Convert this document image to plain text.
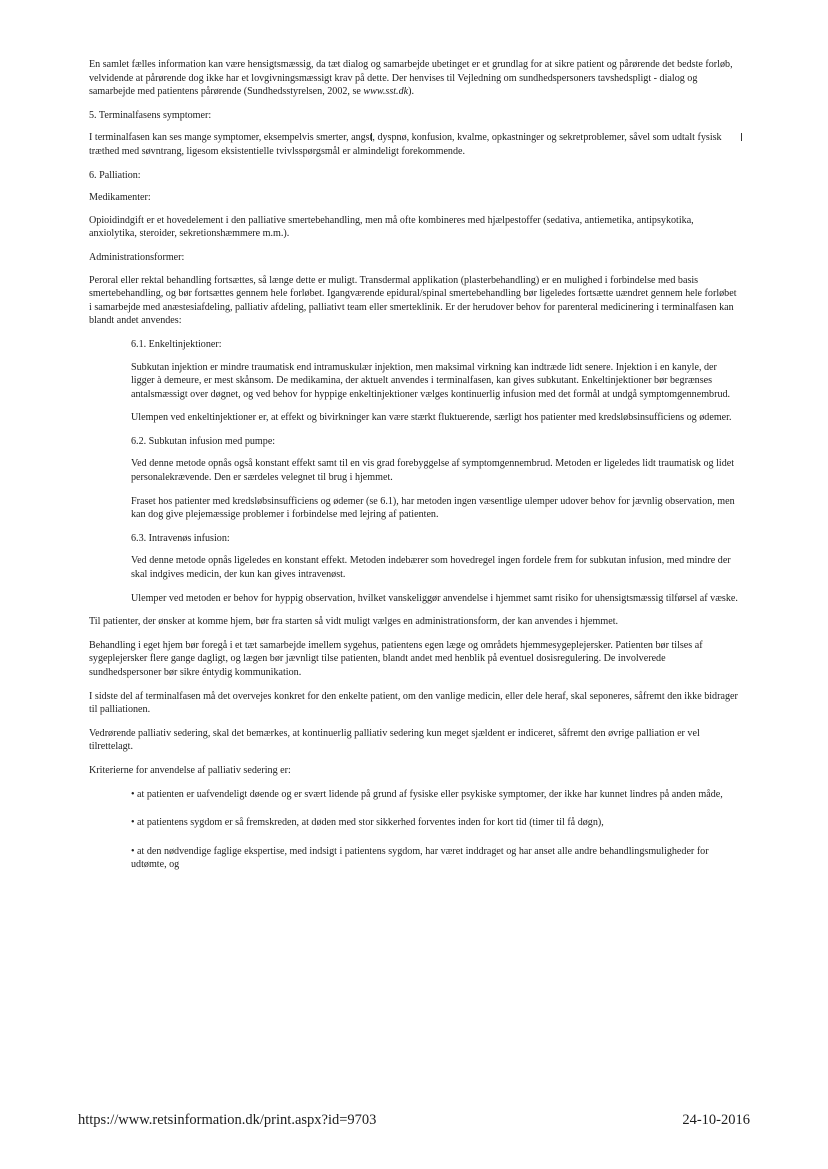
En samlet fælles information kan være hensigtsmæssig, da tæt dialog og samarbejde ubetinget er et grundlag for at sikre patient og pårørende det bedste forløb, velvidende at pårørende dog ikke har et lovgivningsmæssigt krav på dette. Der henvises til Vejledning om sundhedspersoners tavshedspligt - dialog og samarbejde med patientens pårørende (Sundhedsstyrelsen, 2002, se www.sst.dk).

5. Terminalfasens symptomer:

I terminalfasen kan ses mange symptomer, eksempelvis smerter, angst, dyspnø, konfusion, kvalme, opkastninger og sekretproblemer, såvel som udtalt fysisk træthed med søvntrang, ligesom eksistentielle tvivlsspørgsmål er almindeligt forekommende.

6. Palliation:

Medikamenter:

Opioidindgift er et hovedelement i den palliative smertebehandling, men må ofte kombineres med hjælpestoffer (sedativa, antiemetika, antipsykotika, anxiolytika, steroider, sekretionshæmmere m.m.).

Administrationsformer:

Peroral eller rektal behandling fortsættes, så længe dette er muligt. Transdermal applikation (plasterbehandling) er en mulighed i forbindelse med basis smertebehandling, og bør fortsættes gennem hele forløbet. Igangværende epidural/spinal smertebehandling bør ligeledes fortsætte uændret gennem hele forløbet i samarbejde med anæstesiafdeling, palliativ afdeling, palliativt team eller smerteklinik. Er der herudover behov for parenteral medicinering i terminalfasen kan blandt andet anvendes:

6.1. Enkeltinjektioner:

Subkutan injektion er mindre traumatisk end intramuskulær injektion, men maksimal virkning kan indtræde lidt senere. Injektion i en kanyle, der ligger à demeure, er mest skånsom. De medikamina, der aktuelt anvendes i terminalfasen, kan gives subkutant. Enkeltinjektioner bør begrænses antalsmæssigt over døgnet, og ved behov for hyppige enkeltinjektioner vælges kontinuerlig infusion med det formål at undgå symptomgennembrud.

Ulempen ved enkeltinjektioner er, at effekt og bivirkninger kan være stærkt fluktuerende, særligt hos patienter med kredsløbsinsufficiens og ødemer.

6.2. Subkutan infusion med pumpe:

Ved denne metode opnås også konstant effekt samt til en vis grad forebyggelse af symptomgennembrud. Metoden er ligeledes lidt traumatisk og lidet personalekrævende. Den er særdeles velegnet til brug i hjemmet.

Fraset hos patienter med kredsløbsinsufficiens og ødemer (se 6.1), har metoden ingen væsentlige ulemper udover behov for jævnlig observation, men kan dog give plejemæssige problemer i forbindelse med lejring af patienten.

6.3. Intravenøs infusion:

Ved denne metode opnås ligeledes en konstant effekt. Metoden indebærer som hovedregel ingen fordele frem for subkutan infusion, med mindre der skal indgives medicin, der kun kan gives intravenøst.

Ulemper ved metoden er behov for hyppig observation, hvilket vanskeliggør anvendelse i hjemmet samt risiko for uhensigtsmæssig tilførsel af væske.

Til patienter, der ønsker at komme hjem, bør fra starten så vidt muligt vælges en administrationsform, der kan anvendes i hjemmet.

Behandling i eget hjem bør foregå i et tæt samarbejde imellem sygehus, patientens egen læge og områdets hjemmesygeplejersker. Patienten bør tilses af sygeplejersker flere gange dagligt, og lægen bør jævnligt tilse patienten, blandt andet med henblik på eventuel dosisregulering. De involverede sundhedspersoner bør sikre éntydig kommunikation.

I sidste del af terminalfasen må det overvejes konkret for den enkelte patient, om den vanlige medicin, eller dele heraf, skal seponeres, såfremt den ikke bidrager til palliationen.

Vedrørende palliativ sedering, skal det bemærkes, at kontinuerlig palliativ sedering kun meget sjældent er indiceret, såfremt den øvrige palliation er vel tilrettelagt.

Kriterierne for anvendelse af palliativ sedering er:

• at patienten er uafvendeligt døende og er svært lidende på grund af fysiske eller psykiske symptomer, der ikke har kunnet lindres på anden måde,

• at patientens sygdom er så fremskreden, at døden med stor sikkerhed forventes inden for kort tid (timer til få døgn),

• at den nødvendige faglige ekspertise, med indsigt i patientens sygdom, har været inddraget og har anset alle andre behandlingsmuligheder for udtømte, og

https://www.retsinformation.dk/print.aspx?id=9703	24-10-2016
